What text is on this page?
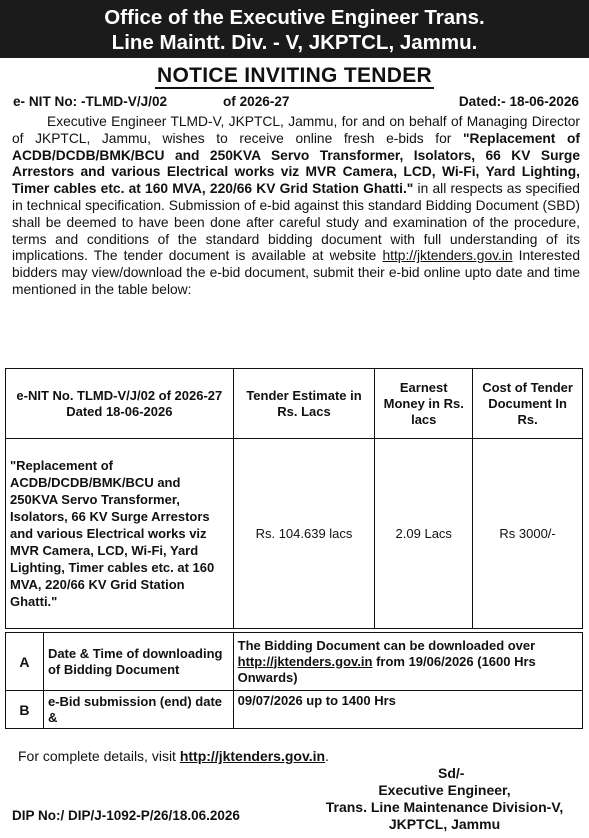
Office of the Executive Engineer Trans.
Line Maintt. Div. - V, JKPTCL, Jammu.
NOTICE INVITING TENDER
e- NIT No: -TLMD-V/J/02	of 2026-27	Dated:- 18-06-2026
Executive Engineer TLMD-V, JKPTCL, Jammu, for and on behalf of Managing Director of JKPTCL, Jammu, wishes to receive online fresh e-bids for "Replacement of ACDB/DCDB/BMK/BCU and 250KVA Servo Transformer, Isolators, 66 KV Surge Arrestors and various Electrical works viz MVR Camera, LCD, Wi-Fi, Yard Lighting, Timer cables etc. at 160 MVA, 220/66 KV Grid Station Ghatti." in all respects as specified in technical specification. Submission of e-bid against this standard Bidding Document (SBD) shall be deemed to have been done after careful study and examination of the procedure, terms and conditions of the standard bidding document with full understanding of its implications. The tender document is available at website http://jktenders.gov.in Interested bidders may view/download the e-bid document, submit their e-bid online upto date and time mentioned in the table below:
e-NIT No. TLMD-V/J/02 of 2026-27 Dated 18-06-2026	Tender Estimate in Rs. Lacs	Earnest Money in Rs. lacs	Cost of Tender Document In Rs.
"Replacement of ACDB/DCDB/BMK/BCU and 250KVA Servo Transformer, Isolators, 66 KV Surge Arrestors and various Electrical works viz MVR Camera, LCD, Wi-Fi, Yard Lighting, Timer cables etc. at 160 MVA, 220/66 KV Grid Station Ghatti."	Rs. 104.639 lacs	2.09 Lacs	Rs 3000/-
A	Date & Time of downloading of Bidding Document	The Bidding Document can be downloaded over http://jktenders.gov.in from 19/06/2026 (1600 Hrs Onwards)
B	e-Bid submission (end) date &	09/07/2026 up to 1400 Hrs
For complete details, visit http://jktenders.gov.in.
Sd/-
Executive Engineer,
Trans. Line Maintenance Division-V,
JKPTCL, Jammu
DIP No:/ DIP/J-1092-P/26/18.06.2026
